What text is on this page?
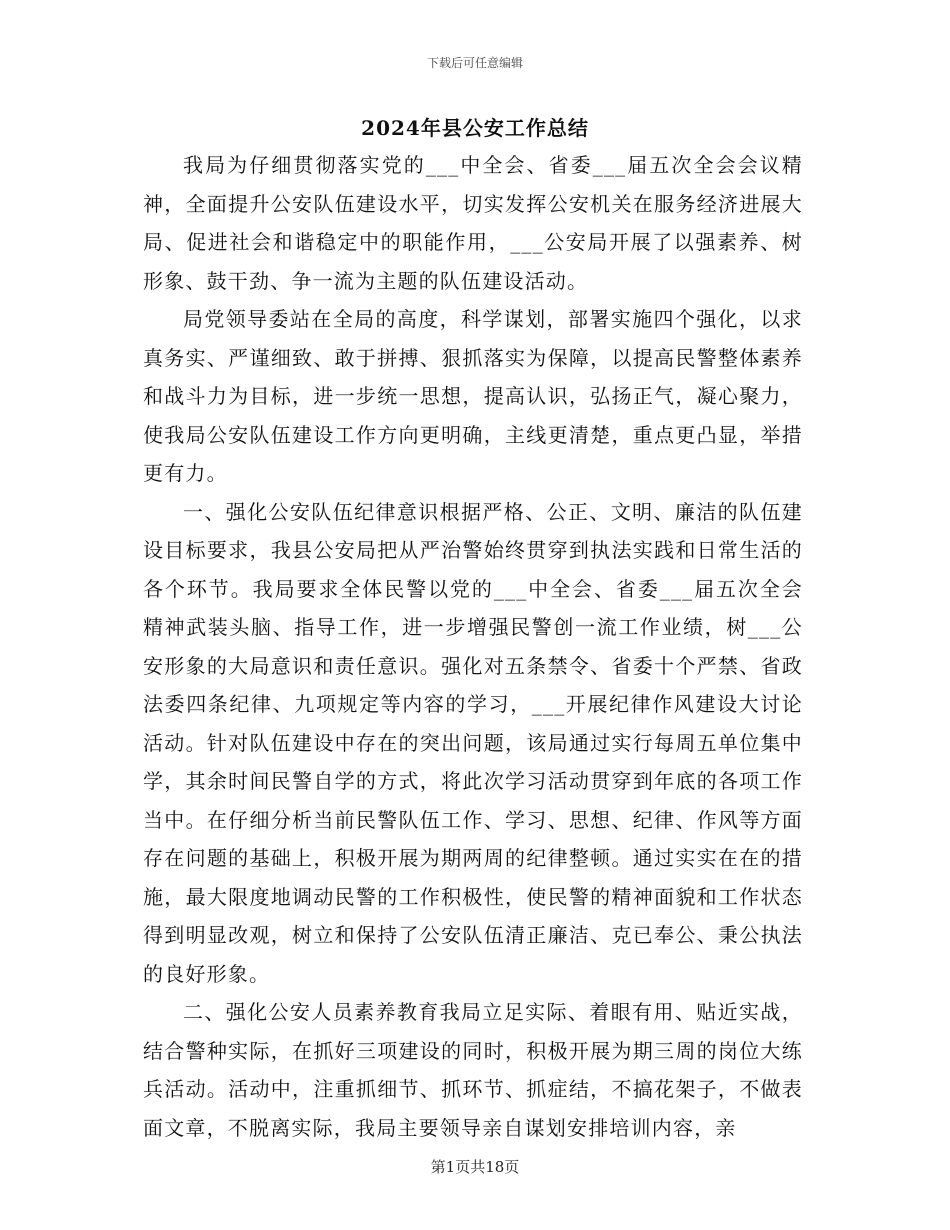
下载后可任意编辑
2024年县公安工作总结

我局为仔细贯彻落实党的___中全会、省委___届五次全会会议精神，全面提升公安队伍建设水平，切实发挥公安机关在服务经济进展大局、促进社会和谐稳定中的职能作用，___公安局开展了以强素养、树形象、鼓干劲、争一流为主题的队伍建设活动。

局党领导委站在全局的高度，科学谋划，部署实施四个强化，以求真务实、严谨细致、敢于拼搏、狠抓落实为保障，以提高民警整体素养和战斗力为目标，进一步统一思想，提高认识，弘扬正气，凝心聚力，使我局公安队伍建设工作方向更明确，主线更清楚，重点更凸显，举措更有力。

一、强化公安队伍纪律意识根据严格、公正、文明、廉洁的队伍建设目标要求，我县公安局把从严治警始终贯穿到执法实践和日常生活的各个环节。我局要求全体民警以党的___中全会、省委___届五次全会精神武装头脑、指导工作，进一步增强民警创一流工作业绩，树___公安形象的大局意识和责任意识。强化对五条禁令、省委十个严禁、省政法委四条纪律、九项规定等内容的学习，___开展纪律作风建设大讨论活动。针对队伍建设中存在的突出问题，该局通过实行每周五单位集中学，其余时间民警自学的方式，将此次学习活动贯穿到年底的各项工作当中。在仔细分析当前民警队伍工作、学习、思想、纪律、作风等方面存在问题的基础上，积极开展为期两周的纪律整顿。通过实实在在的措施，最大限度地调动民警的工作积极性，使民警的精神面貌和工作状态得到明显改观，树立和保持了公安队伍清正廉洁、克已奉公、秉公执法的良好形象。

二、强化公安人员素养教育我局立足实际、着眼有用、贴近实战，结合警种实际，在抓好三项建设的同时，积极开展为期三周的岗位大练兵活动。活动中，注重抓细节、抓环节、抓症结，不搞花架子，不做表面文章，不脱离实际，我局主要领导亲自谋划安排培训内容，亲

第1页共18页
